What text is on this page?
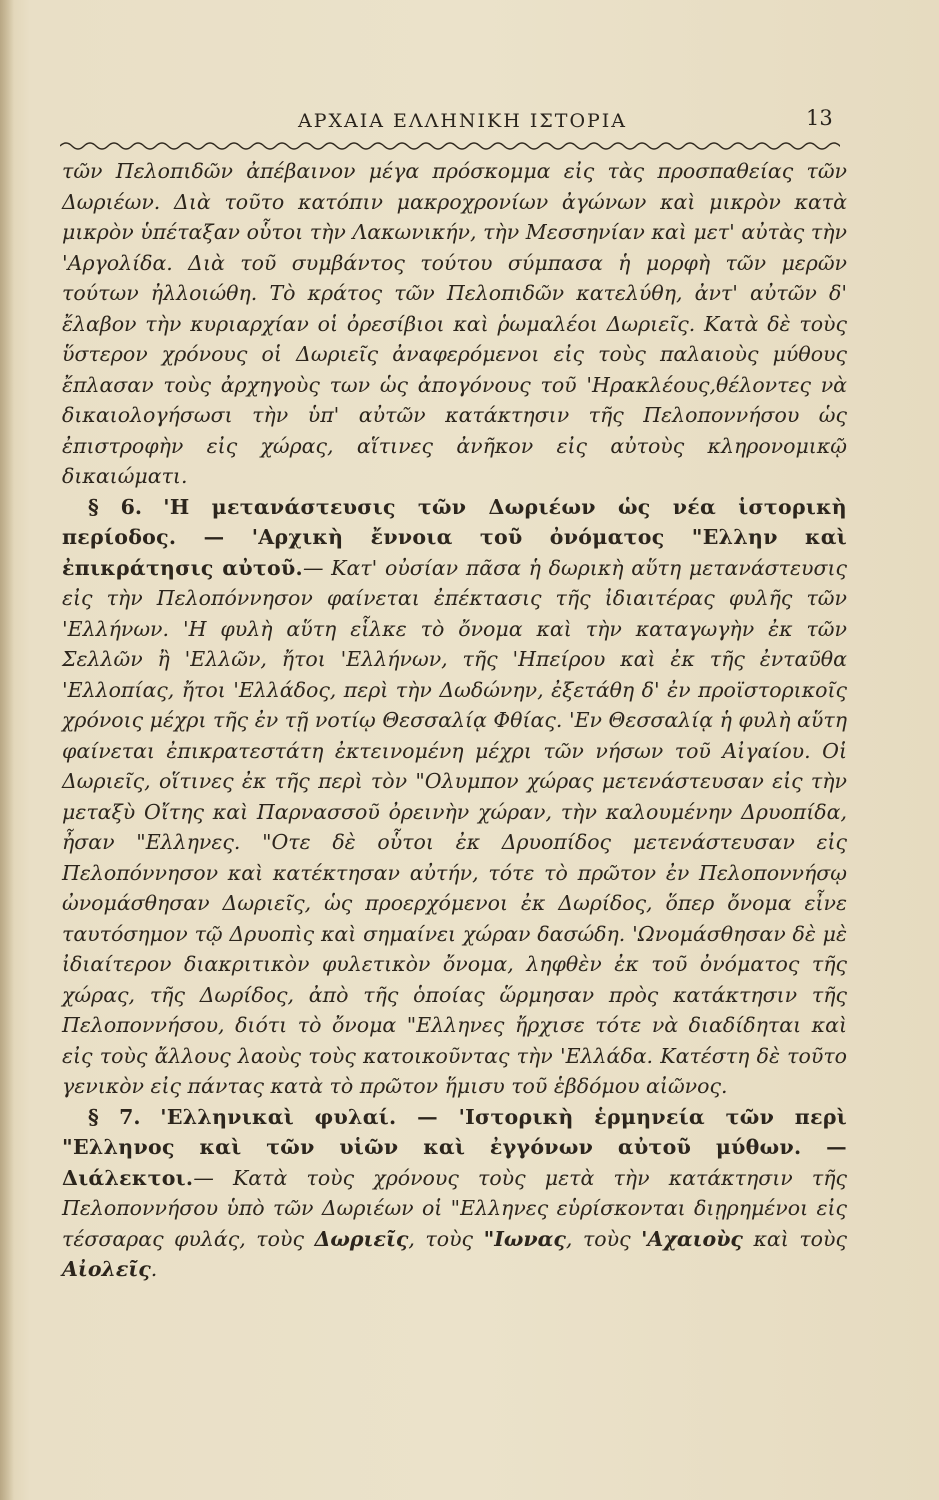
ΑΡΧΑΙΑ ΕΛΛΗΝΙΚΗ ΙΣΤΟΡΙΑ	13

τῶν Πελοπιδῶν ἀπέβαινον μέγα πρόσκομμα εἰς τὰς προσπαθείας τῶν Δωριέων. Διὰ τοῦτο κατόπιν μακροχρονίων ἀγώνων καὶ μικρὸν κατὰ μικρὸν ὑπέταξαν οὗτοι τὴν Λακωνικήν, τὴν Μεσσηνίαν καὶ μετ' αὐτὰς τὴν 'Αργολίδα. Διὰ τοῦ συμβάντος τούτου σύμπασα ἡ μορφὴ τῶν μερῶν τούτων ἠλλοιώθη. Τὸ κράτος τῶν Πελοπιδῶν κατελύθη, ἀντ' αὐτῶν δ' ἔλαβον τὴν κυριαρχίαν οἱ ὀρεσίβιοι καὶ ῥωμαλέοι Δωριεῖς. Κατὰ δὲ τοὺς ὕστερον χρόνους οἱ Δωριεῖς ἀναφερόμενοι εἰς τοὺς παλαιοὺς μύθους ἔπλασαν τοὺς ἀρχηγοὺς των ὡς ἀπογόνους τοῦ 'Ηρακλέους,θέλοντες νὰ δικαιολογήσωσι τὴν ὑπ' αὐτῶν κατάκτησιν τῆς Πελοποννήσου ὡς ἐπιστροφὴν εἰς χώρας, αἵτινες ἀνῆκον εἰς αὐτοὺς κληρονομικῷ δικαιώματι.

§ 6. 'Η μετανάστευσις τῶν Δωριέων ὡς νέα ἱστορικὴ περίοδος. — 'Αρχικὴ ἔννοια τοῦ ὀνόματος "Ελλην καὶ ἐπικράτησις αὐτοῦ.— Κατ' οὐσίαν πᾶσα ἡ δωρικὴ αὕτη μετανάστευσις εἰς τὴν Πελοπόννησον φαίνεται ἐπέκτασις τῆς ἰδιαιτέρας φυλῆς τῶν 'Ελλήνων. 'Η φυλὴ αὕτη εἷλκε τὸ ὄνομα καὶ τὴν καταγωγὴν ἐκ τῶν Σελλῶν ἢ 'Ελλῶν, ἤτοι 'Ελλήνων, τῆς 'Ηπείρου καὶ ἐκ τῆς ἐνταῦθα 'Ελλοπίας, ἤτοι 'Ελλάδος, περὶ τὴν Δωδώνην, ἐξετάθη δ' ἐν προϊστορικοῖς χρόνοις μέχρι τῆς ἐν τῇ νοτίῳ Θεσσαλίᾳ Φθίας. 'Εν Θεσσαλίᾳ ἡ φυλὴ αὕτη φαίνεται ἐπικρατεστάτη ἐκτεινομένη μέχρι τῶν νήσων τοῦ Αἰγαίου. Οἱ Δωριεῖς, οἵτινες ἐκ τῆς περὶ τὸν "Ολυμπον χώρας μετενάστευσαν εἰς τὴν μεταξὺ Οἴτης καὶ Παρνασσοῦ ὀρεινὴν χώραν, τὴν καλουμένην Δρυοπίδα, ἦσαν "Ελληνες. "Οτε δὲ οὗτοι ἐκ Δρυοπίδος μετενάστευσαν εἰς Πελοπόννησον καὶ κατέκτησαν αὐτήν, τότε τὸ πρῶτον ἐν Πελοποννήσῳ ὠνομάσθησαν Δωριεῖς, ὡς προερχόμενοι ἐκ Δωρίδος, ὅπερ ὄνομα εἶνε ταυτόσημον τῷ Δρυοπὶς καὶ σημαίνει χώραν δασώδη. 'Ωνομάσθησαν δὲ μὲ ἰδιαίτερον διακριτικὸν φυλετικὸν ὄνομα, ληφθὲν ἐκ τοῦ ὀνόματος τῆς χώρας, τῆς Δωρίδος, ἀπὸ τῆς ὁποίας ὥρμησαν πρὸς κατάκτησιν τῆς Πελοποννήσου, διότι τὸ ὄνομα "Ελληνες ἤρχισε τότε νὰ διαδίδηται καὶ εἰς τοὺς ἄλλους λαοὺς τοὺς κατοικοῦντας τὴν 'Ελλάδα. Κατέστη δὲ τοῦτο γενικὸν εἰς πάντας κατὰ τὸ πρῶτον ἥμισυ τοῦ ἑβδόμου αἰῶνος.

§ 7. 'Ελληνικαὶ φυλαί. — 'Ιστορικὴ ἑρμηνεία τῶν περὶ "Ελληνος καὶ τῶν υἱῶν καὶ ἐγγόνων αὐτοῦ μύθων. — Διάλεκτοι.— Κατὰ τοὺς χρόνους τοὺς μετὰ τὴν κατάκτησιν τῆς Πελοποννήσου ὑπὸ τῶν Δωριέων οἱ "Ελληνες εὑρίσκονται διῃρημένοι εἰς τέσσαρας φυλάς, τοὺς Δωριεῖς, τοὺς "Ιωνας, τοὺς 'Αχαιοὺς καὶ τοὺς Αἰολεῖς.
